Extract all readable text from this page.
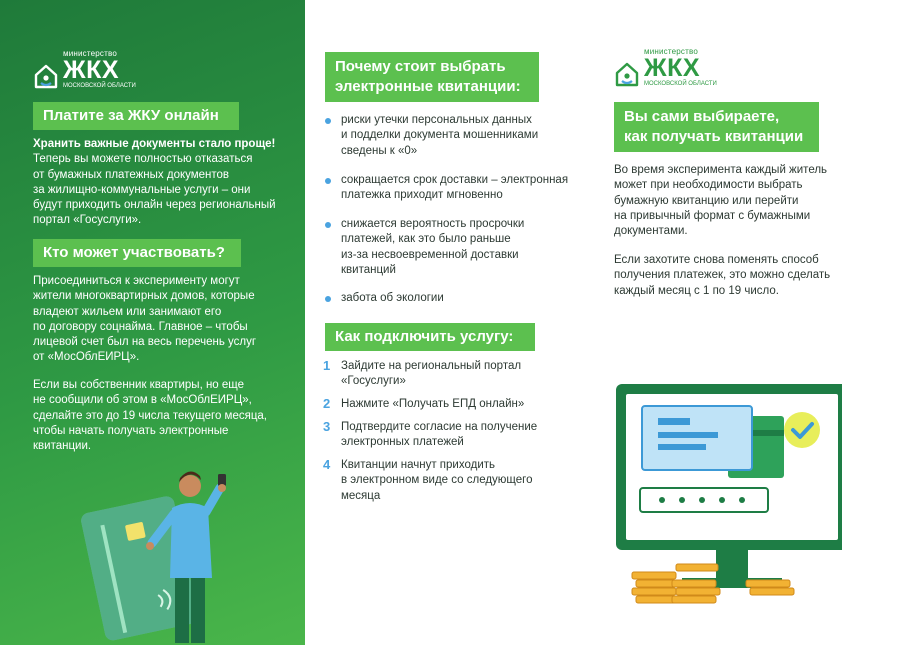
министерство
ЖКХ
МОСКОВСКОЙ ОБЛАСТИ
Платите за ЖКУ онлайн
Хранить важные документы стало проще!
Теперь вы можете полностью отказаться
от бумажных платежных документов
за жилищно-коммунальные услуги – они
будут приходить онлайн через региональный
портал «Госуслуги».
Кто может участвовать?
Присоединиться к эксперименту могут
жители многоквартирных домов, которые
владеют жильем или занимают его
по договору соцнайма. Главное – чтобы
лицевой счет был на весь перечень услуг
от «МосОблЕИРЦ».
Если вы собственник квартиры, но еще
не сообщили об этом в «МосОблЕИРЦ»,
сделайте это до 19 числа текущего месяца,
чтобы начать получать электронные
квитанции.
Почему стоит выбрать
электронные квитанции:
риски утечки персональных данных
и подделки документа мошенниками
сведены к «0»
сокращается срок доставки – электронная
платежка приходит мгновенно
снижается вероятность просрочки
платежей, как это было раньше
из-за несвоевременной доставки
квитанций
забота об экологии
Как подключить услугу:
1 Зайдите на региональный портал
«Госуслуги»
2 Нажмите «Получать ЕПД онлайн»
3 Подтвердите согласие на получение
электронных платежей
4 Квитанции начнут приходить
в электронном виде со следующего
месяца
министерство
ЖКХ
МОСКОВСКОЙ ОБЛАСТИ
Вы сами выбираете,
как получать квитанции
Во время эксперимента каждый житель
может при необходимости выбрать
бумажную квитанцию или перейти
на привычный формат с бумажными
документами.
Если захотите снова поменять способ
получения платежек, это можно сделать
каждый месяц с 1 по 19 число.
